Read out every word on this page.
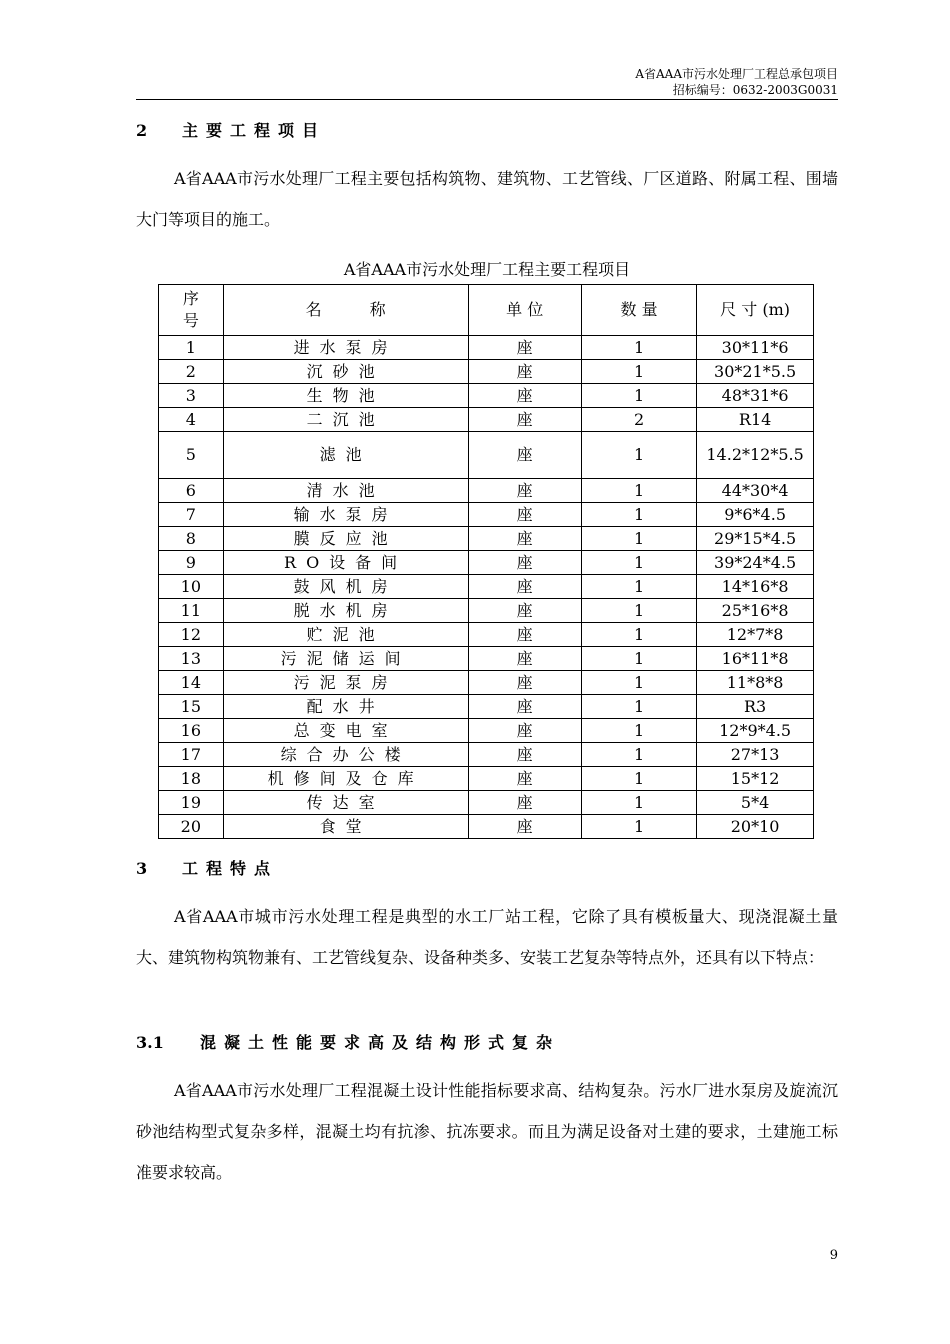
A省AAA市污水处理厂工程总承包项目
招标编号：0632-2003G0031
2 主要工程项目
A省AAA市污水处理厂工程主要包括构筑物、建筑物、工艺管线、厂区道路、附属工程、围墙大门等项目的施工。
A省AAA市污水处理厂工程主要工程项目
序
号	名　　　称	单 位	数 量	尺 寸 (m)
1	进水泵房	座	1	30*11*6
2	沉砂池	座	1	30*21*5.5
3	生物池	座	1	48*31*6
4	二沉池	座	2	R14
5	滤池	座	1	14.2*12*5.5
6	清水池	座	1	44*30*4
7	输水泵房	座	1	9*6*4.5
8	膜反应池	座	1	29*15*4.5
9	RO设备间	座	1	39*24*4.5
10	鼓风机房	座	1	14*16*8
11	脱水机房	座	1	25*16*8
12	贮泥池	座	1	12*7*8
13	污泥储运间	座	1	16*11*8
14	污泥泵房	座	1	11*8*8
15	配水井	座	1	R3
16	总变电室	座	1	12*9*4.5
17	综合办公楼	座	1	27*13
18	机修间及仓库	座	1	15*12
19	传达室	座	1	5*4
20	食堂	座	1	20*10
3 工程特点
A省AAA市城市污水处理工程是典型的水工厂站工程，它除了具有模板量大、现浇混凝土量大、建筑物构筑物兼有、工艺管线复杂、设备种类多、安装工艺复杂等特点外，还具有以下特点：
3.1 混凝土性能要求高及结构形式复杂
A省AAA市污水处理厂工程混凝土设计性能指标要求高、结构复杂。污水厂进水泵房及旋流沉砂池结构型式复杂多样，混凝土均有抗渗、抗冻要求。而且为满足设备对土建的要求，土建施工标准要求较高。
9
